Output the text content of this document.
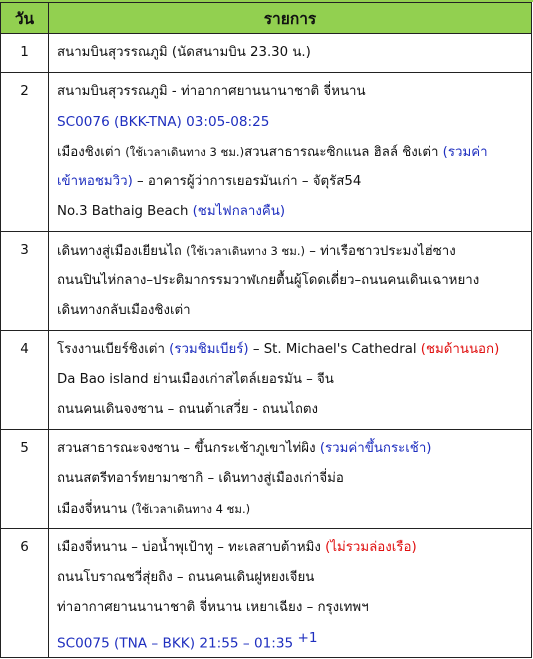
วัน	รายการ
1	สนามบินสุวรรณภูมิ (นัดสนามบิน 23.30 น.)

2	สนามบินสุวรรณภูมิ - ท่าอากาศยานนานาชาติ จี่หนาน
SC0076 (BKK-TNA) 03:05-08:25
เมืองชิงเต่า (ใช้เวลาเดินทาง 3 ชม.)สวนสาธารณะซิกแนล ฮิลล์ ชิงเต่า (รวมค่า
เข้าหอชมวิว) – อาคารผู้ว่าการเยอรมันเก่า – จัตุรัส54
No.3 Bathaig Beach (ชมไฟกลางคืน)

3	เดินทางสู่เมืองเยียนไถ (ใช้เวลาเดินทาง 3 ชม.) – ท่าเรือชาวประมงไฮ่ซาง
ถนนปินไห่กลาง–ประติมากรรมวาฬเกยตื้นผู้โดดเดี่ยว–ถนนคนเดินเฉาหยาง
เดินทางกลับเมืองชิงเต่า

4	โรงงานเบียร์ชิงเต่า (รวมชิมเบียร์) – St. Michael's Cathedral (ชมด้านนอก)
Da Bao island ย่านเมืองเก่าสไตล์เยอรมัน – จีน
ถนนคนเดินจงซาน – ถนนต้าเสวี่ย - ถนนไถตง

5	สวนสาธารณะจงซาน – ขึ้นกระเช้าภูเขาไท่ผิง (รวมค่าขึ้นกระเช้า)
ถนนสตรีทอาร์ทยามาซากิ – เดินทางสู่เมืองเก่าจี่ม่อ
เมืองจี่หนาน (ใช้เวลาเดินทาง 4 ชม.)

6	เมืองจี่หนาน – บ่อน้ำพุเป้าทู – ทะเลสาบต้าหมิง (ไม่รวมล่องเรือ)
ถนนโบราณชวี่สุ่ยถิง – ถนนคนเดินฝูหยงเจียน
ท่าอากาศยานนานาชาติ จี่หนาน เหยาเฉียง – กรุงเทพฯ
SC0075 (TNA – BKK) 21:55 – 01:35 $^{+1}$
